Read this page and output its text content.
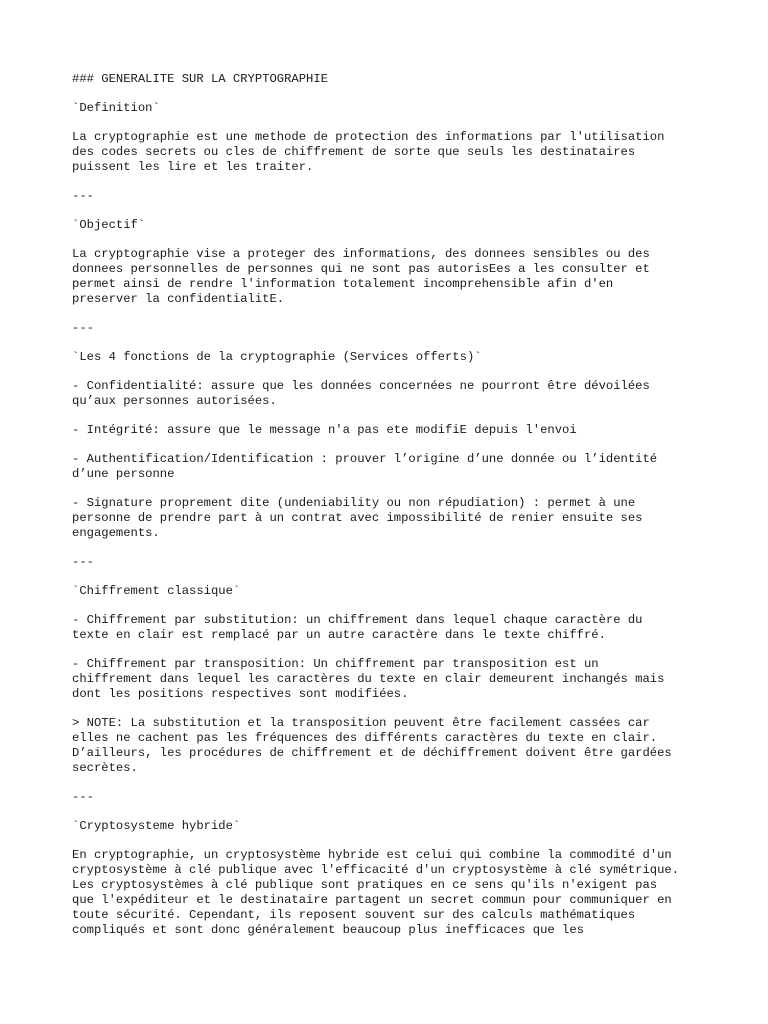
### GENERALITE SUR LA CRYPTOGRAPHIE

`Definition`

La cryptographie est une methode de protection des informations par l'utilisation
des codes secrets ou cles de chiffrement de sorte que seuls les destinataires
puissent les lire et les traiter.

---

`Objectif`

La cryptographie vise a proteger des informations, des donnees sensibles ou des
donnees personnelles de personnes qui ne sont pas autorisEes a les consulter et
permet ainsi de rendre l'information totalement incomprehensible afin d'en
preserver la confidentialitE.

---

`Les 4 fonctions de la cryptographie (Services offerts)`

- Confidentialité: assure que les données concernées ne pourront être dévoilées
qu’aux personnes autorisées.

- Intégrité: assure que le message n'a pas ete modifiE depuis l'envoi

- Authentification/Identification : prouver l’origine d’une donnée ou l’identité
d’une personne

- Signature proprement dite (undeniability ou non répudiation) : permet à une
personne de prendre part à un contrat avec impossibilité de renier ensuite ses
engagements.

---

`Chiffrement classique`

- Chiffrement par substitution: un chiffrement dans lequel chaque caractère du
texte en clair est remplacé par un autre caractère dans le texte chiffré.

- Chiffrement par transposition: Un chiffrement par transposition est un
chiffrement dans lequel les caractères du texte en clair demeurent inchangés mais
dont les positions respectives sont modifiées.

> NOTE: La substitution et la transposition peuvent être facilement cassées car
elles ne cachent pas les fréquences des différents caractères du texte en clair.
D’ailleurs, les procédures de chiffrement et de déchiffrement doivent être gardées
secrètes.

---

`Cryptosysteme hybride`

En cryptographie, un cryptosystème hybride est celui qui combine la commodité d'un
cryptosystème à clé publique avec l'efficacité d'un cryptosystème à clé symétrique.
Les cryptosystèmes à clé publique sont pratiques en ce sens qu'ils n'exigent pas
que l'expéditeur et le destinataire partagent un secret commun pour communiquer en
toute sécurité. Cependant, ils reposent souvent sur des calculs mathématiques
compliqués et sont donc généralement beaucoup plus inefficaces que les
